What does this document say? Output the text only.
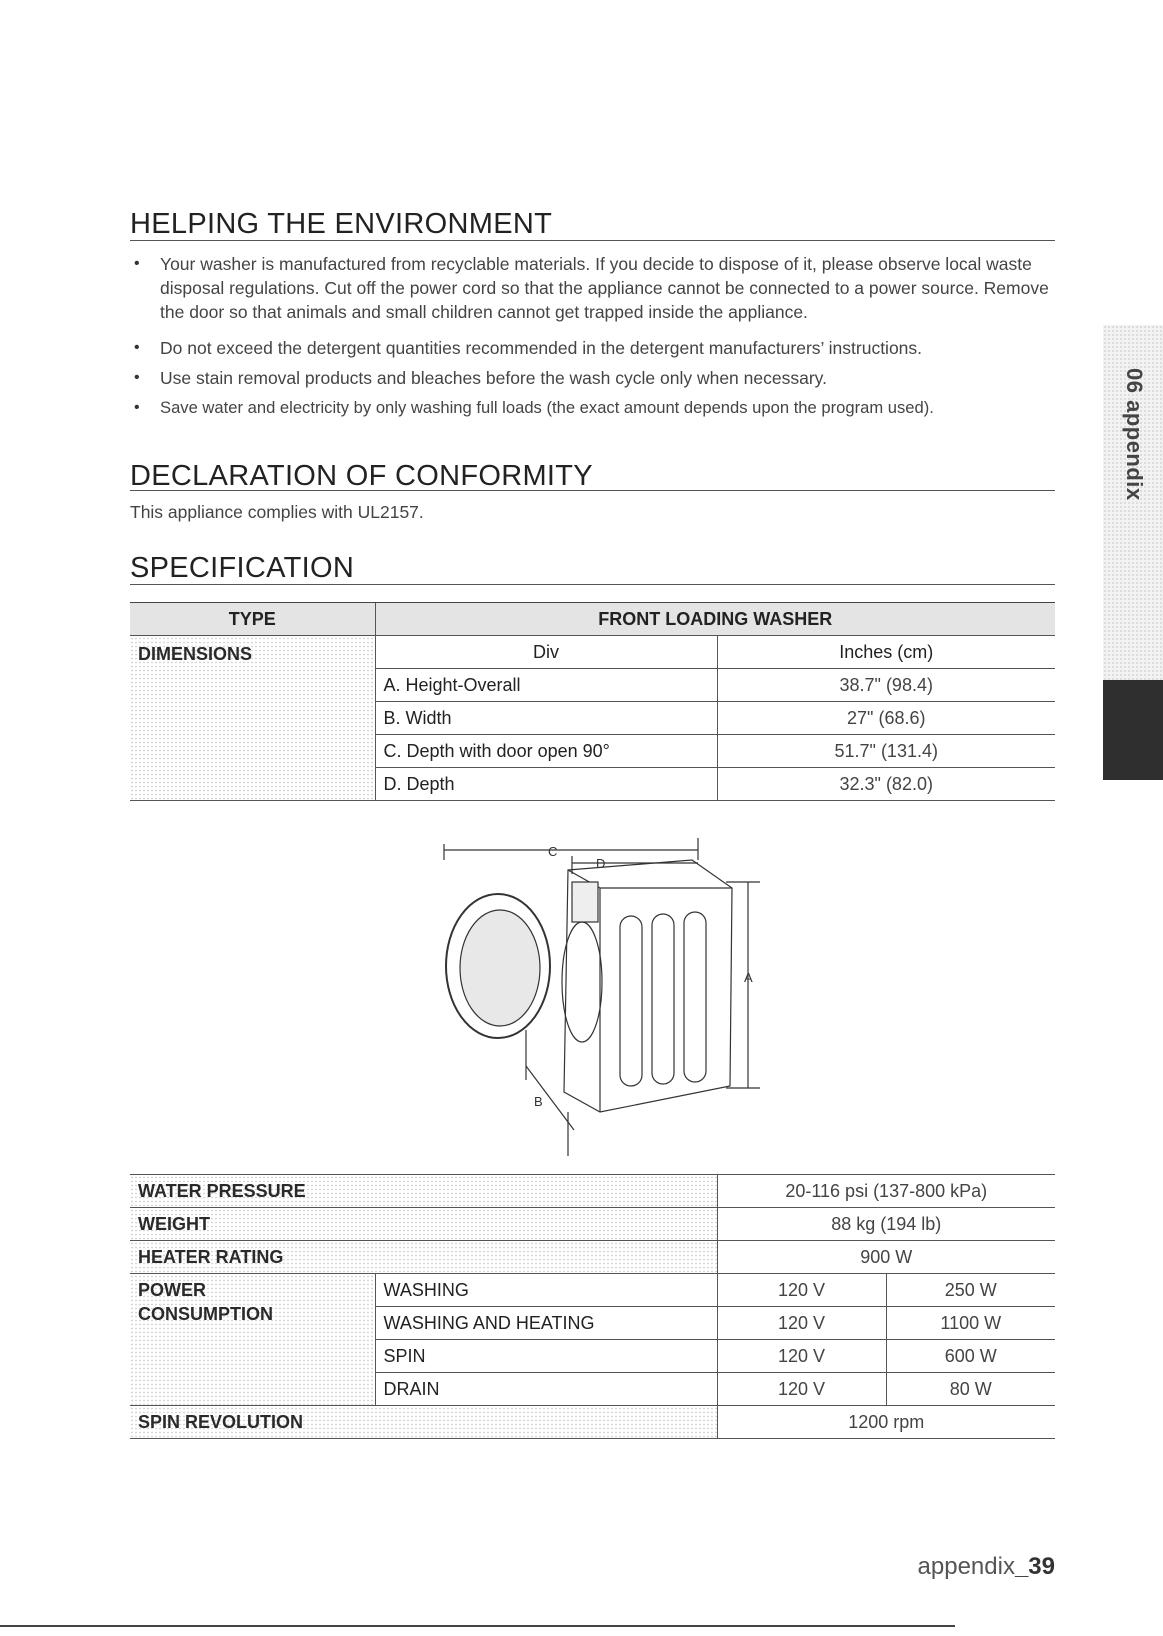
HELPING THE ENVIRONMENT
• Your washer is manufactured from recyclable materials. If you decide to dispose of it, please observe local waste disposal regulations. Cut off the power cord so that the appliance cannot be connected to a power source. Remove the door so that animals and small children cannot get trapped inside the appliance.
• Do not exceed the detergent quantities recommended in the detergent manufacturers’ instructions.
• Use stain removal products and bleaches before the wash cycle only when necessary.
• Save water and electricity by only washing full loads (the exact amount depends upon the program used).
DECLARATION OF CONFORMITY
This appliance complies with UL2157.
SPECIFICATION
TYPE	FRONT LOADING WASHER	
DIMENSIONS	Div	Inches (cm)
	A. Height-Overall	38.7" (98.4)
	B. Width	27" (68.6)
	C. Depth with door open 90°	51.7" (131.4)
	D. Depth	32.3" (82.0)
C
D
A
B
WATER PRESSURE		20-116 psi (137-800 kPa)	
WEIGHT		88 kg (194 lb)	
HEATER RATING		900 W	

POWER
CONSUMPTION	WASHING	120 V	250 W
	WASHING AND HEATING	120 V	1100 W
	SPIN	120 V	600 W
	DRAIN	120 V	80 W
SPIN REVOLUTION		1200 rpm	
06 appendix
appendix_39
